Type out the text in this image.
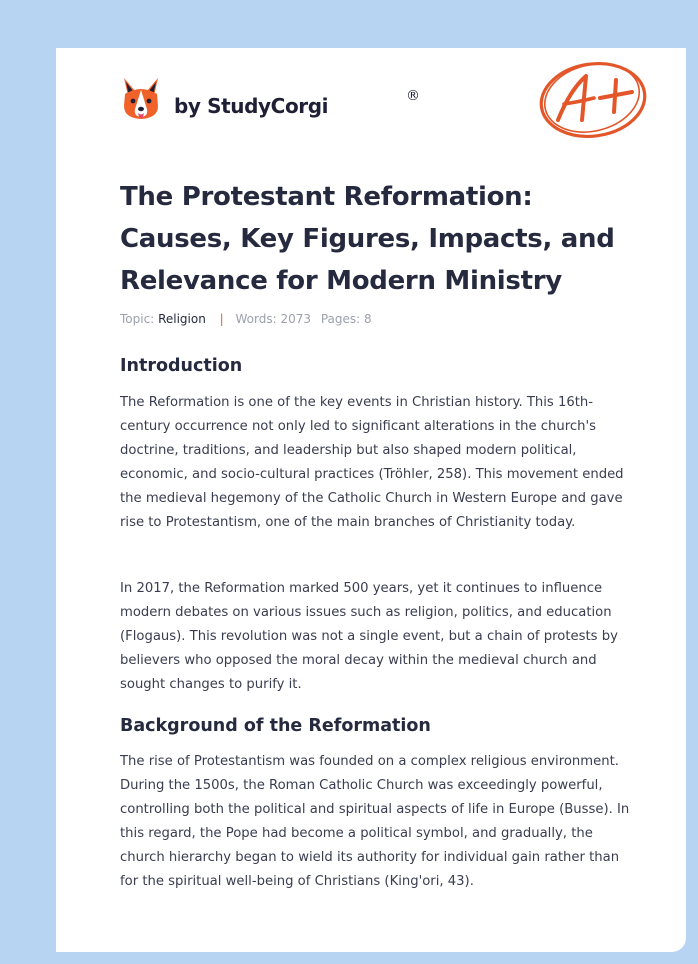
by StudyCorgi	®
The Protestant Reformation: Causes, Key Figures, Impacts, and Relevance for Modern Ministry
Topic: Religion | Words: 2073 Pages: 8
Introduction

The Reformation is one of the key events in Christian history. This 16th-century occurrence not only led to significant alterations in the church's doctrine, traditions, and leadership but also shaped modern political, economic, and socio-cultural practices (Tröhler, 258). This movement ended the medieval hegemony of the Catholic Church in Western Europe and gave rise to Protestantism, one of the main branches of Christianity today.

In 2017, the Reformation marked 500 years, yet it continues to influence modern debates on various issues such as religion, politics, and education (Flogaus). This revolution was not a single event, but a chain of protests by believers who opposed the moral decay within the medieval church and sought changes to purify it.

Background of the Reformation

The rise of Protestantism was founded on a complex religious environment. During the 1500s, the Roman Catholic Church was exceedingly powerful, controlling both the political and spiritual aspects of life in Europe (Busse). In this regard, the Pope had become a political symbol, and gradually, the church hierarchy began to wield its authority for individual gain rather than for the spiritual well-being of Christians (King'ori, 43).
